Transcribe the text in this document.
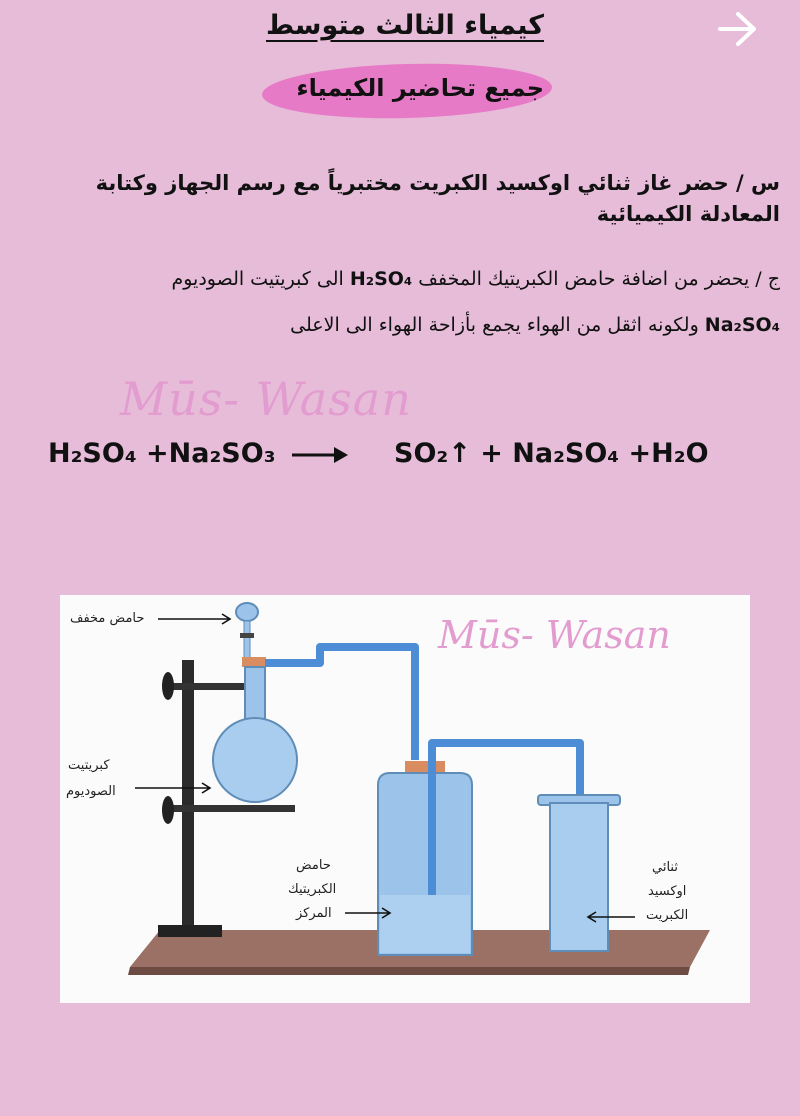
كيمياء الثالث متوسط
جميع تحاضير الكيمياء
س / حضر غاز ثنائي اوكسيد الكبريت مختبرياً مع رسم الجهاز وكتابة المعادلة الكيميائية
ج / يحضر من اضافة حامض الكبريتيك المخفف H₂SO₄ الى كبريتيت الصوديوم
Na₂SO₄ ولكونه اثقل من الهواء يجمع بأزاحة الهواء الى الاعلى
Mūs- Wasan
H₂SO₄ +Na₂SO₃ → SO₂↑ + Na₂SO₄ +H₂O
Mūs- Wasan
حامض مخفف
كبريتيت
الصوديوم
حامض
الكبريتيك
المركز
ثنائي
اوكسيد
الكبريت
